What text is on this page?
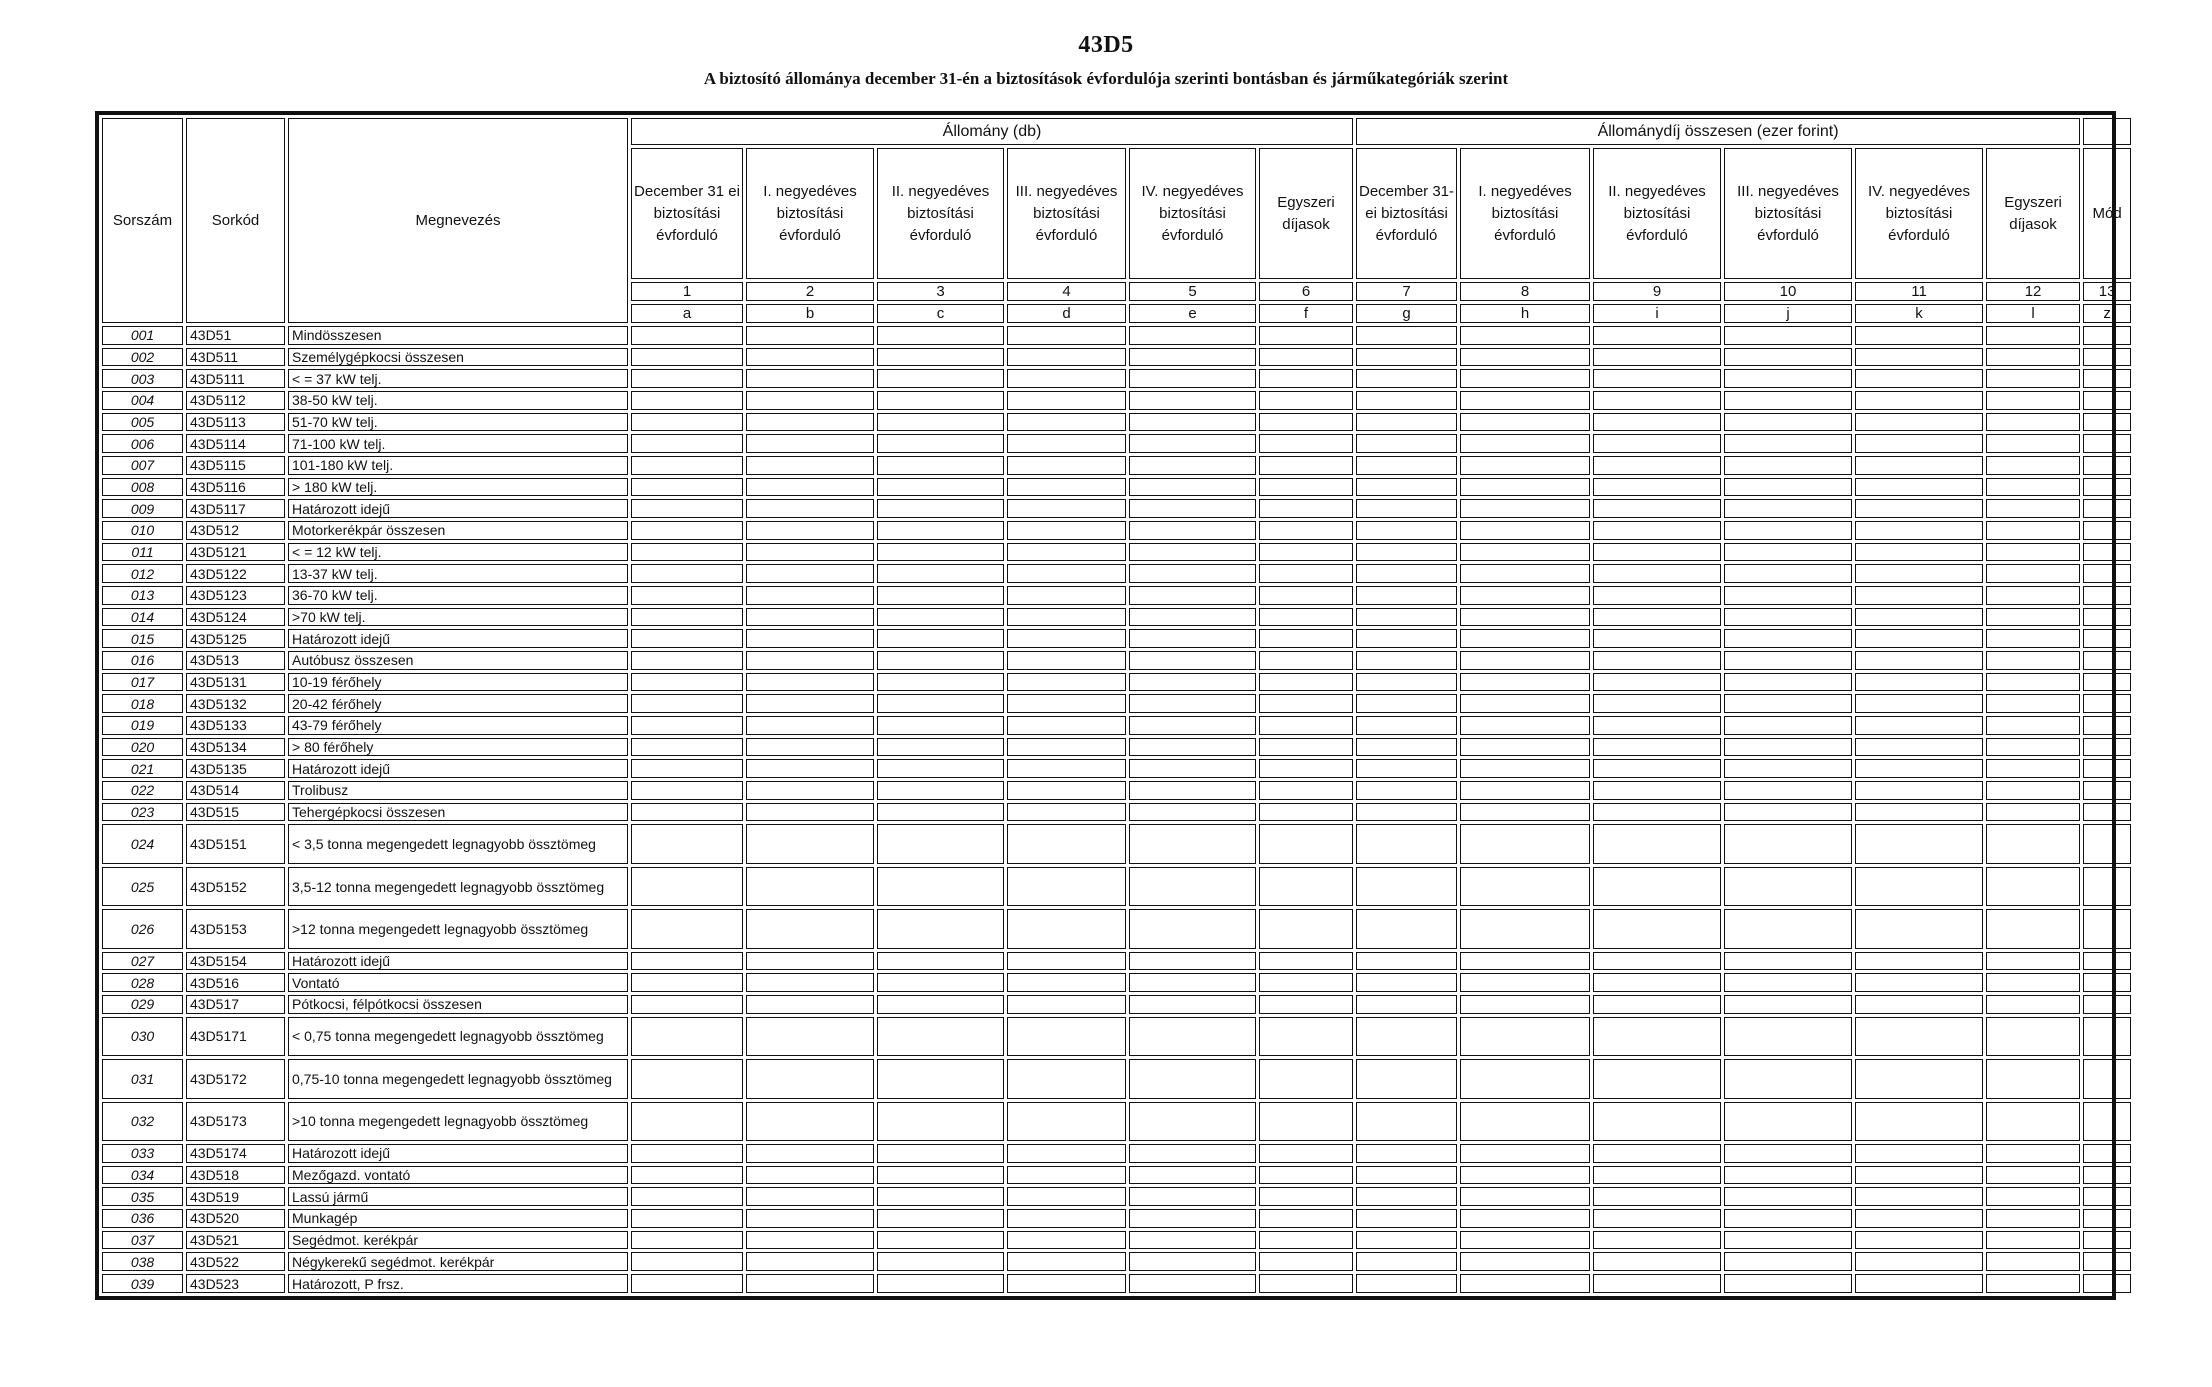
43D5
A biztosító állománya december 31-én a biztosítások évfordulója szerinti bontásban és járműkategóriák szerint
Sorszám	Sorkód	Megnevezés	Állomány (db)						Állománydíj összesen (ezer forint)						
			December 31 ei biztosítási évforduló	I. negyedéves biztosítási évforduló	II. negyedéves biztosítási évforduló	III. negyedéves biztosítási évforduló	IV. negyedéves biztosítási évforduló	Egyszeri díjasok	December 31-ei biztosítási évforduló	I. negyedéves biztosítási évforduló	II. negyedéves biztosítási évforduló	III. negyedéves biztosítási évforduló	IV. negyedéves biztosítási évforduló	Egyszeri díjasok	Mód
			1	2	3	4	5	6	7	8	9	10	11	12	13
			a	b	c	d	e	f	g	h	i	j	k	l	z
001	43D51	Mindösszesen													
002	43D511	Személygépkocsi összesen													
003	43D5111	< = 37 kW telj.													
004	43D5112	38-50 kW telj.													
005	43D5113	51-70 kW telj.													
006	43D5114	71-100 kW telj.													
007	43D5115	101-180 kW telj.													
008	43D5116	> 180 kW telj.													
009	43D5117	Határozott idejű													
010	43D512	Motorkerékpár összesen													
011	43D5121	< = 12 kW telj.													
012	43D5122	13-37 kW telj.													
013	43D5123	36-70 kW telj.													
014	43D5124	>70 kW telj.													
015	43D5125	Határozott idejű													
016	43D513	Autóbusz összesen													
017	43D5131	10-19 férőhely													
018	43D5132	20-42 férőhely													
019	43D5133	43-79 férőhely													
020	43D5134	> 80 férőhely													
021	43D5135	Határozott idejű													
022	43D514	Trolibusz													
023	43D515	Tehergépkocsi összesen													
024	43D5151	< 3,5 tonna megengedett legnagyobb össztömeg													
025	43D5152	3,5-12 tonna megengedett legnagyobb össztömeg													
026	43D5153	>12 tonna megengedett legnagyobb össztömeg													
027	43D5154	Határozott idejű													
028	43D516	Vontató													
029	43D517	Pótkocsi, félpótkocsi összesen													
030	43D5171	< 0,75 tonna megengedett legnagyobb össztömeg													
031	43D5172	0,75-10 tonna megengedett legnagyobb össztömeg													
032	43D5173	>10 tonna megengedett legnagyobb össztömeg													
033	43D5174	Határozott idejű													
034	43D518	Mezőgazd. vontató													
035	43D519	Lassú jármű													
036	43D520	Munkagép													
037	43D521	Segédmot. kerékpár													
038	43D522	Négykerekű segédmot. kerékpár													
039	43D523	Határozott, P frsz.													
